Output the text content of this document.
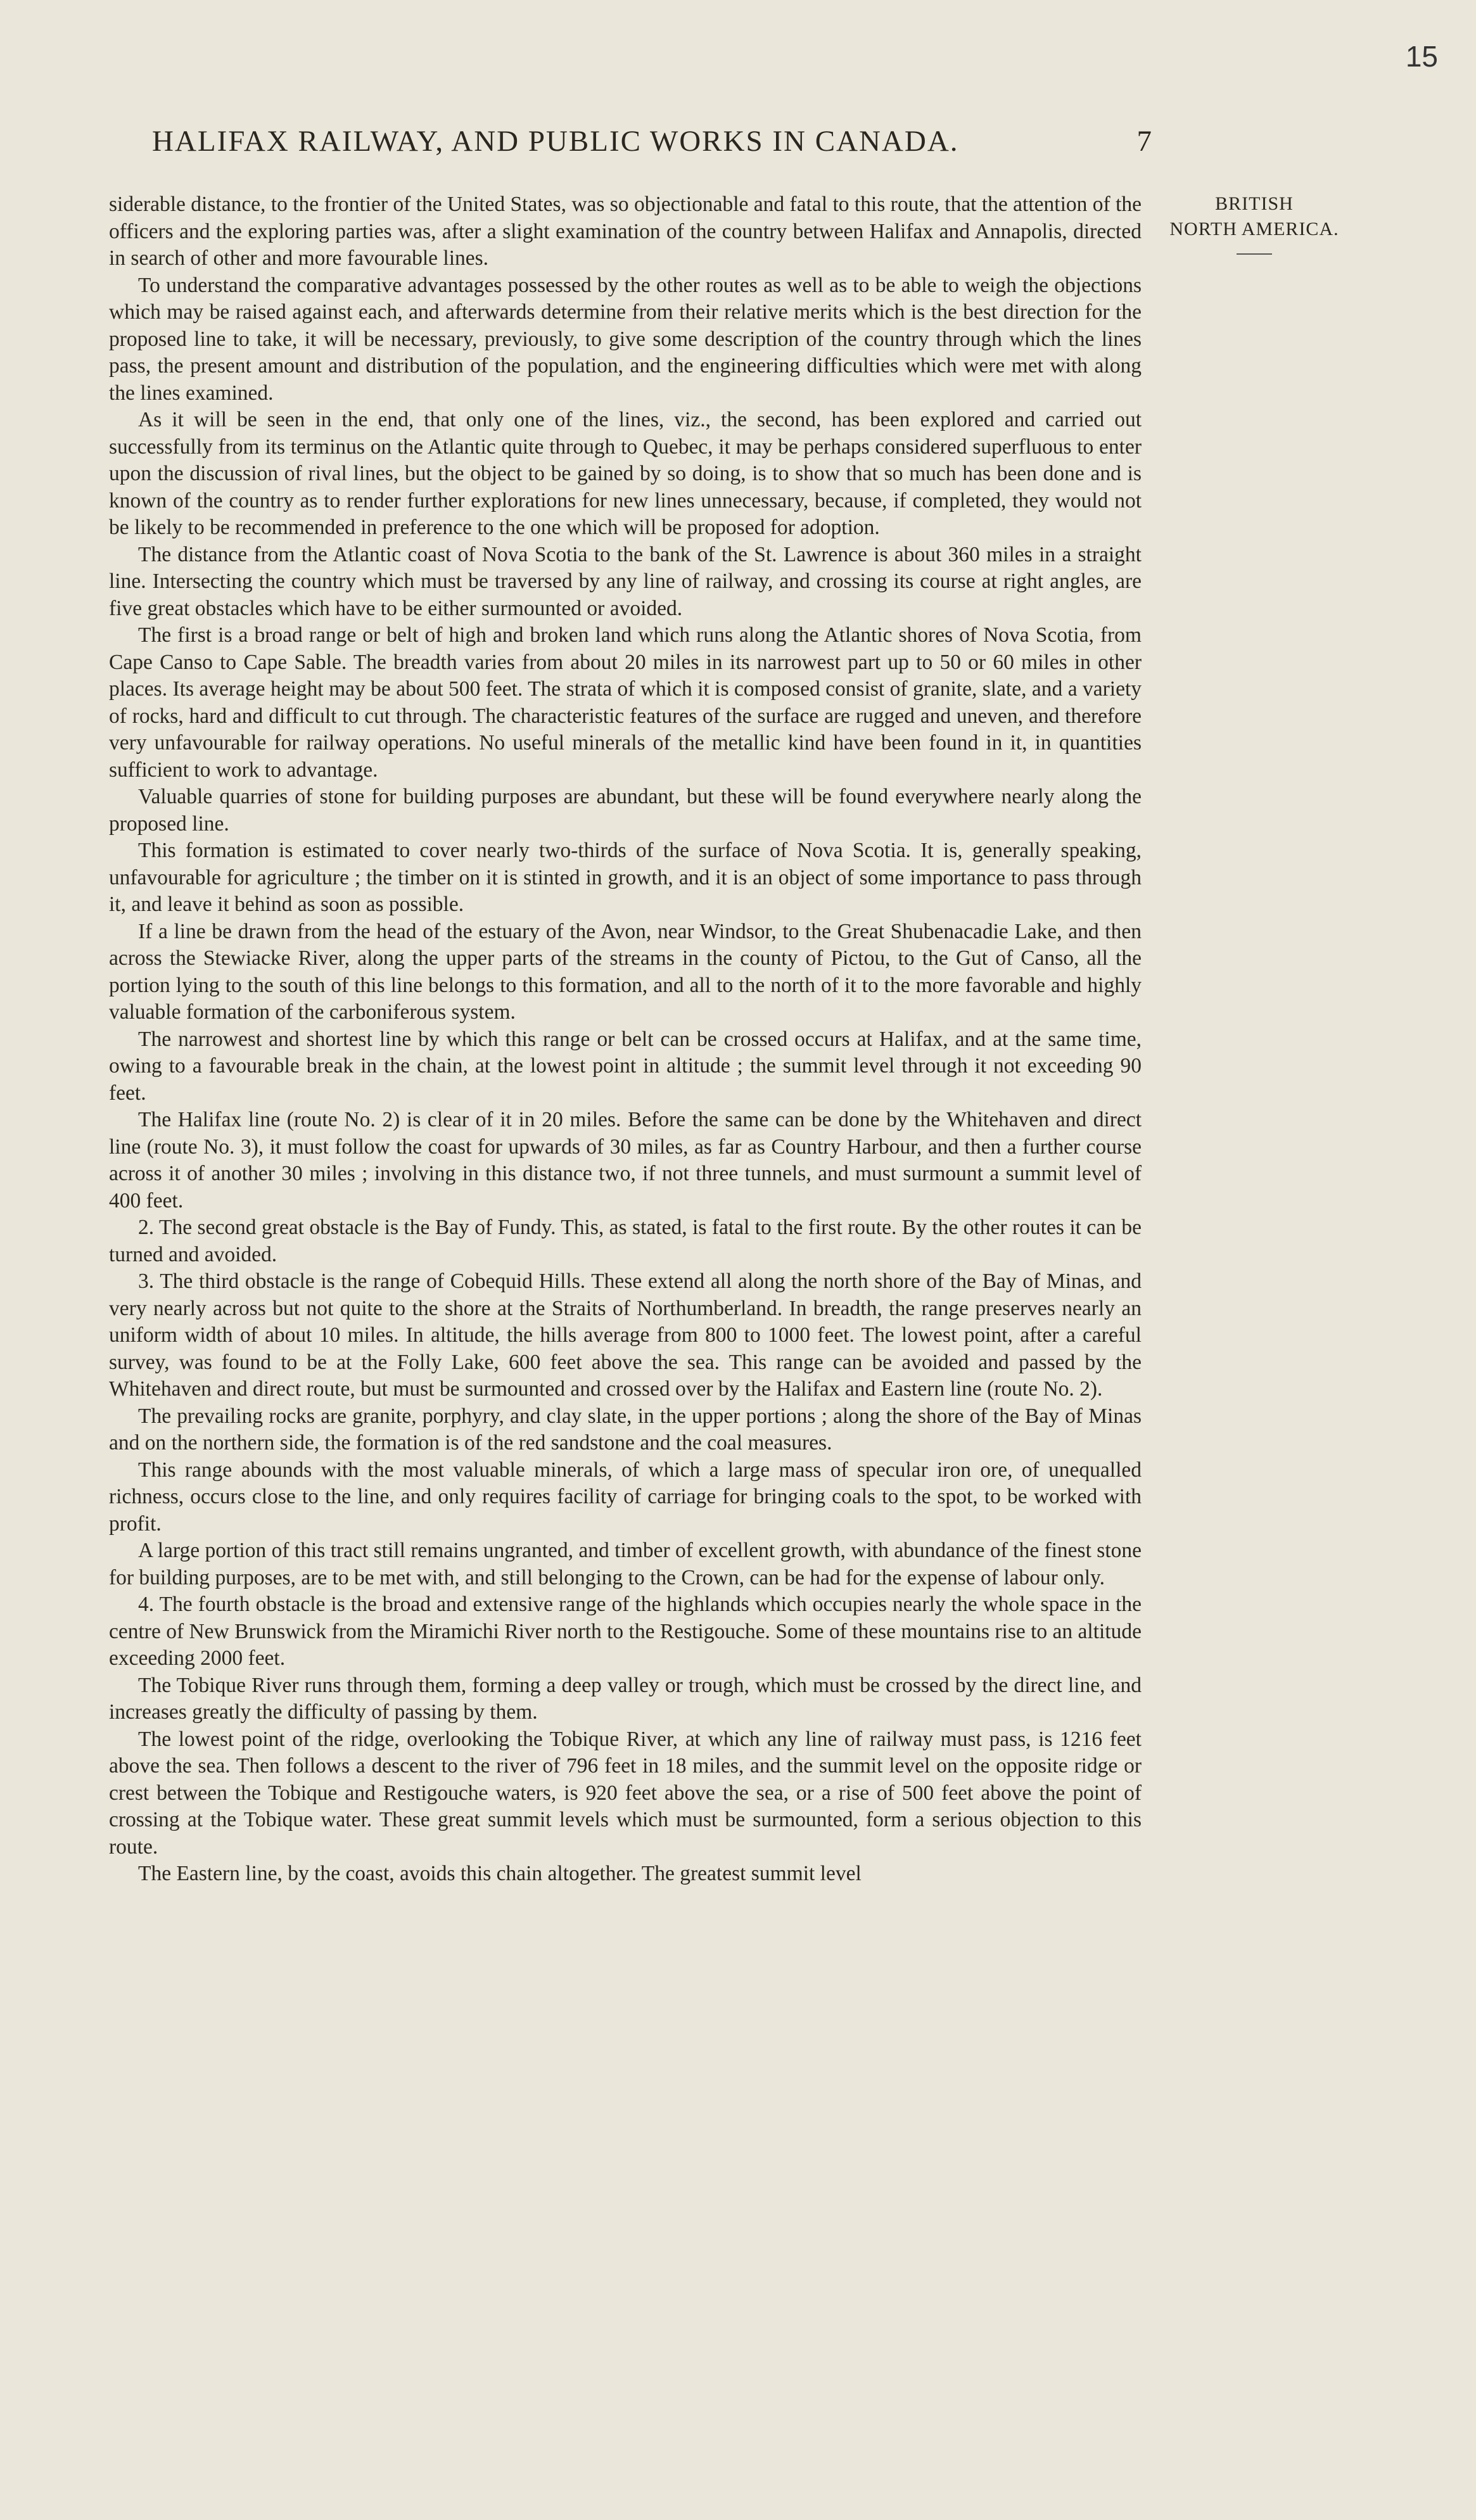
15
HALIFAX RAILWAY, AND PUBLIC WORKS IN CANADA.	7
BRITISH
NORTH AMERICA.

siderable distance, to the frontier of the United States, was so objectionable and fatal to this route, that the attention of the officers and the exploring parties was, after a slight examination of the country between Halifax and Annapolis, directed in search of other and more favourable lines.

To understand the comparative advantages possessed by the other routes as well as to be able to weigh the objections which may be raised against each, and afterwards determine from their relative merits which is the best direction for the proposed line to take, it will be necessary, previously, to give some description of the country through which the lines pass, the present amount and distribution of the population, and the engineering difficulties which were met with along the lines examined.

As it will be seen in the end, that only one of the lines, viz., the second, has been explored and carried out successfully from its terminus on the Atlantic quite through to Quebec, it may be perhaps considered superfluous to enter upon the discussion of rival lines, but the object to be gained by so doing, is to show that so much has been done and is known of the country as to render further explorations for new lines unnecessary, because, if completed, they would not be likely to be recommended in preference to the one which will be proposed for adoption.

The distance from the Atlantic coast of Nova Scotia to the bank of the St. Lawrence is about 360 miles in a straight line. Intersecting the country which must be traversed by any line of railway, and crossing its course at right angles, are five great obstacles which have to be either surmounted or avoided.

The first is a broad range or belt of high and broken land which runs along the Atlantic shores of Nova Scotia, from Cape Canso to Cape Sable. The breadth varies from about 20 miles in its narrowest part up to 50 or 60 miles in other places. Its average height may be about 500 feet. The strata of which it is composed consist of granite, slate, and a variety of rocks, hard and difficult to cut through. The characteristic features of the surface are rugged and uneven, and therefore very unfavourable for railway operations. No useful minerals of the metallic kind have been found in it, in quantities sufficient to work to advantage.

Valuable quarries of stone for building purposes are abundant, but these will be found everywhere nearly along the proposed line.

This formation is estimated to cover nearly two-thirds of the surface of Nova Scotia. It is, generally speaking, unfavourable for agriculture ; the timber on it is stinted in growth, and it is an object of some importance to pass through it, and leave it behind as soon as possible.

If a line be drawn from the head of the estuary of the Avon, near Windsor, to the Great Shubenacadie Lake, and then across the Stewiacke River, along the upper parts of the streams in the county of Pictou, to the Gut of Canso, all the portion lying to the south of this line belongs to this formation, and all to the north of it to the more favorable and highly valuable formation of the carboniferous system.

The narrowest and shortest line by which this range or belt can be crossed occurs at Halifax, and at the same time, owing to a favourable break in the chain, at the lowest point in altitude ; the summit level through it not exceeding 90 feet.

The Halifax line (route No. 2) is clear of it in 20 miles. Before the same can be done by the Whitehaven and direct line (route No. 3), it must follow the coast for upwards of 30 miles, as far as Country Harbour, and then a further course across it of another 30 miles ; involving in this distance two, if not three tunnels, and must surmount a summit level of 400 feet.

2. The second great obstacle is the Bay of Fundy. This, as stated, is fatal to the first route. By the other routes it can be turned and avoided.

3. The third obstacle is the range of Cobequid Hills. These extend all along the north shore of the Bay of Minas, and very nearly across but not quite to the shore at the Straits of Northumberland. In breadth, the range preserves nearly an uniform width of about 10 miles. In altitude, the hills average from 800 to 1000 feet. The lowest point, after a careful survey, was found to be at the Folly Lake, 600 feet above the sea. This range can be avoided and passed by the Whitehaven and direct route, but must be surmounted and crossed over by the Halifax and Eastern line (route No. 2).

The prevailing rocks are granite, porphyry, and clay slate, in the upper portions ; along the shore of the Bay of Minas and on the northern side, the formation is of the red sandstone and the coal measures.

This range abounds with the most valuable minerals, of which a large mass of specular iron ore, of unequalled richness, occurs close to the line, and only requires facility of carriage for bringing coals to the spot, to be worked with profit.

A large portion of this tract still remains ungranted, and timber of excellent growth, with abundance of the finest stone for building purposes, are to be met with, and still belonging to the Crown, can be had for the expense of labour only.

4. The fourth obstacle is the broad and extensive range of the highlands which occupies nearly the whole space in the centre of New Brunswick from the Miramichi River north to the Restigouche. Some of these mountains rise to an altitude exceeding 2000 feet.

The Tobique River runs through them, forming a deep valley or trough, which must be crossed by the direct line, and increases greatly the difficulty of passing by them.

The lowest point of the ridge, overlooking the Tobique River, at which any line of railway must pass, is 1216 feet above the sea. Then follows a descent to the river of 796 feet in 18 miles, and the summit level on the opposite ridge or crest between the Tobique and Restigouche waters, is 920 feet above the sea, or a rise of 500 feet above the point of crossing at the Tobique water. These great summit levels which must be surmounted, form a serious objection to this route.

The Eastern line, by the coast, avoids this chain altogether. The greatest summit level
